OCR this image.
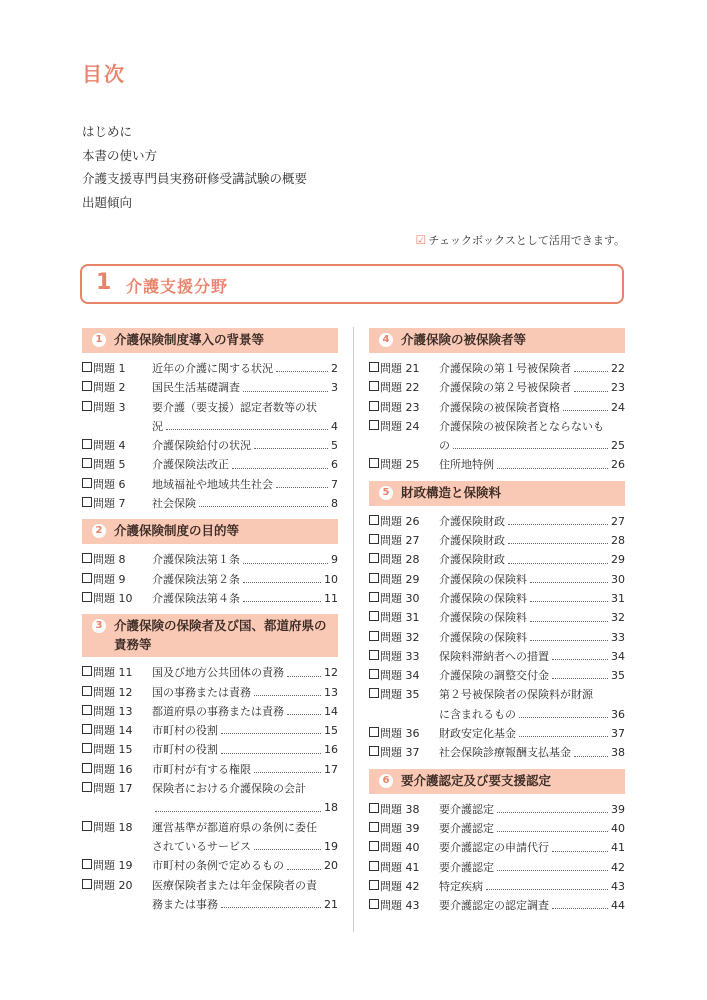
目次
はじめに
本書の使い方
介護支援専門員実務研修受講試験の概要
出題傾向
☑ チェックボックスとして活用できます。
1 介護支援分野
1 介護保険制度導入の背景等
問題 1	近年の介護に関する状況	2
問題 2	国民生活基礎調査	3
問題 3	要介護（要支援）認定者数等の状
況	4
問題 4	介護保険給付の状況	5
問題 5	介護保険法改正	6
問題 6	地域福祉や地域共生社会	7
問題 7	社会保険	8
2 介護保険制度の目的等
問題 8	介護保険法第１条	9
問題 9	介護保険法第２条	10
問題 10	介護保険法第４条	11
3 介護保険の保険者及び国、都道府県の責務等
問題 11	国及び地方公共団体の責務	12
問題 12	国の事務または責務	13
問題 13	都道府県の事務または責務	14
問題 14	市町村の役割	15
問題 15	市町村の役割	16
問題 16	市町村が有する権限	17
問題 17	保険者における介護保険の会計
18
問題 18	運営基準が都道府県の条例に委任
されているサービス	19
問題 19	市町村の条例で定めるもの	20
問題 20	医療保険者または年金保険者の責
務または事務	21
4 介護保険の被保険者等
問題 21	介護保険の第１号被保険者	22
問題 22	介護保険の第２号被保険者	23
問題 23	介護保険の被保険者資格	24
問題 24	介護保険の被保険者とならないも
の	25
問題 25	住所地特例	26
5 財政構造と保険料
問題 26	介護保険財政	27
問題 27	介護保険財政	28
問題 28	介護保険財政	29
問題 29	介護保険の保険料	30
問題 30	介護保険の保険料	31
問題 31	介護保険の保険料	32
問題 32	介護保険の保険料	33
問題 33	保険料滞納者への措置	34
問題 34	介護保険の調整交付金	35
問題 35	第２号被保険者の保険料が財源
に含まれるもの	36
問題 36	財政安定化基金	37
問題 37	社会保険診療報酬支払基金	38
6 要介護認定及び要支援認定
問題 38	要介護認定	39
問題 39	要介護認定	40
問題 40	要介護認定の申請代行	41
問題 41	要介護認定	42
問題 42	特定疾病	43
問題 43	要介護認定の認定調査	44
